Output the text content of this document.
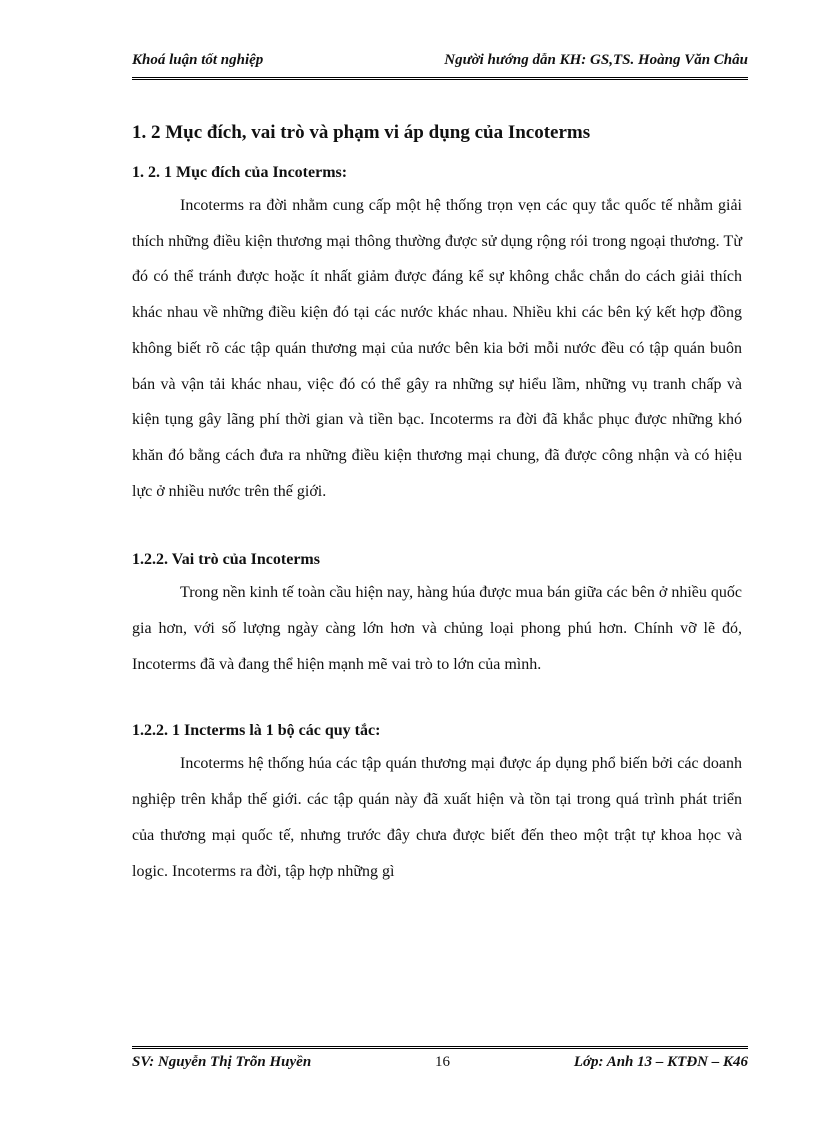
Khoá luận tốt nghiệp	Người hướng dẫn KH: GS,TS. Hoàng Văn Châu
1. 2 Mục đích, vai trò và phạm vi áp dụng của Incoterms
1. 2. 1 Mục đích của Incoterms:

Incoterms ra đời nhằm cung cấp một hệ thống trọn vẹn các quy tắc quốc tế nhằm giải thích những điều kiện thương mại thông thường được sử dụng rộng rói trong ngoại thương. Từ đó có thể tránh được hoặc ít nhất giảm được đáng kể sự không chắc chắn do cách giải thích khác nhau về những điều kiện đó tại các nước khác nhau. Nhiều khi các bên ký kết hợp đồng không biết rõ các tập quán thương mại của nước bên kia bởi mỗi nước đều có tập quán buôn bán và vận tải khác nhau, việc đó có thể gây ra những sự hiểu lầm, những vụ tranh chấp và kiện tụng gây lãng phí thời gian và tiền bạc. Incoterms ra đời đã khắc phục được những khó khăn đó bằng cách đưa ra những điều kiện thương mại chung, đã được công nhận và có hiệu lực ở nhiều nước trên thế giới.

1.2.2. Vai trò của Incoterms

Trong nền kinh tế toàn cầu hiện nay, hàng húa được mua bán giữa các bên ở nhiều quốc gia hơn, với số lượng ngày càng lớn hơn và chủng loại phong phú hơn. Chính vỡ lẽ đó, Incoterms đã và đang thể hiện mạnh mẽ vai trò to lớn của mình.

1.2.2. 1 Incterms là 1 bộ các quy tắc:

Incoterms hệ thống húa các tập quán thương mại được áp dụng phổ biến bởi các doanh nghiệp trên khắp thế giới. các tập quán này đã xuất hiện và tồn tại trong quá trình phát triển của thương mại quốc tế, nhưng trước đây chưa được biết đến theo một trật tự khoa học và logic. Incoterms ra đời, tập hợp những gì

SV: Nguyễn Thị Trõn Huyền	16	Lớp: Anh 13 – KTĐN – K46
